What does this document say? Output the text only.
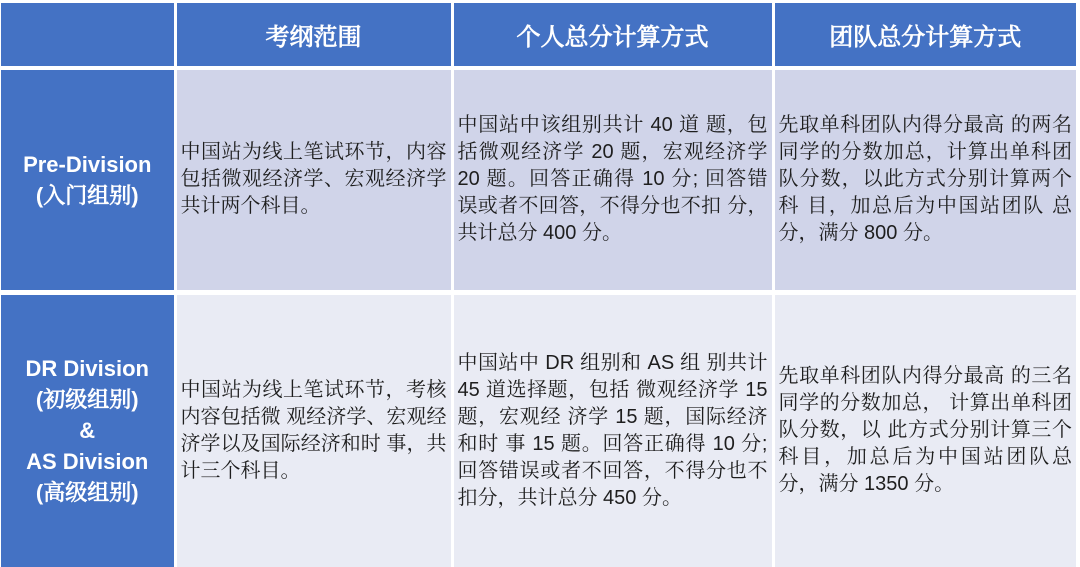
	考纲范围	个人总分计算方式	团队总分计算方式

Pre-Division
(入门组别)	中国站为线上笔试环节，内容包括微观经济学、宏观经济学共计两个科目。	中国站中该组别共计 40 道 题，包括微观经济学 20 题，宏观经济学 20 题。回答正确得 10 分; 回答错误或者不回答，不得分也不扣 分，共计总分 400 分。	先取单科团队内得分最高 的两名同学的分数加总，计算出单科团队分数，以此方式分别计算两个科 目，加总后为中国站团队 总分，满分 800 分。

DR Division
(初级组别)
&
AS Division
(高级组别)	中国站为线上笔试环节，考核内容包括微 观经济学、宏观经济学以及国际经济和时 事，共计三个科目。	中国站中 DR 组别和 AS 组 别共计 45 道选择题，包括 微观经济学 15 题，宏观经 济学 15 题，国际经济和时 事 15 题。回答正确得 10 分; 回答错误或者不回答，不得分也不扣分，共计总分 450 分。	先取单科团队内得分最高 的三名同学的分数加总， 计算出单科团队分数，以 此方式分别计算三个科目，加总后为中国站团队总分，满分 1350 分。
